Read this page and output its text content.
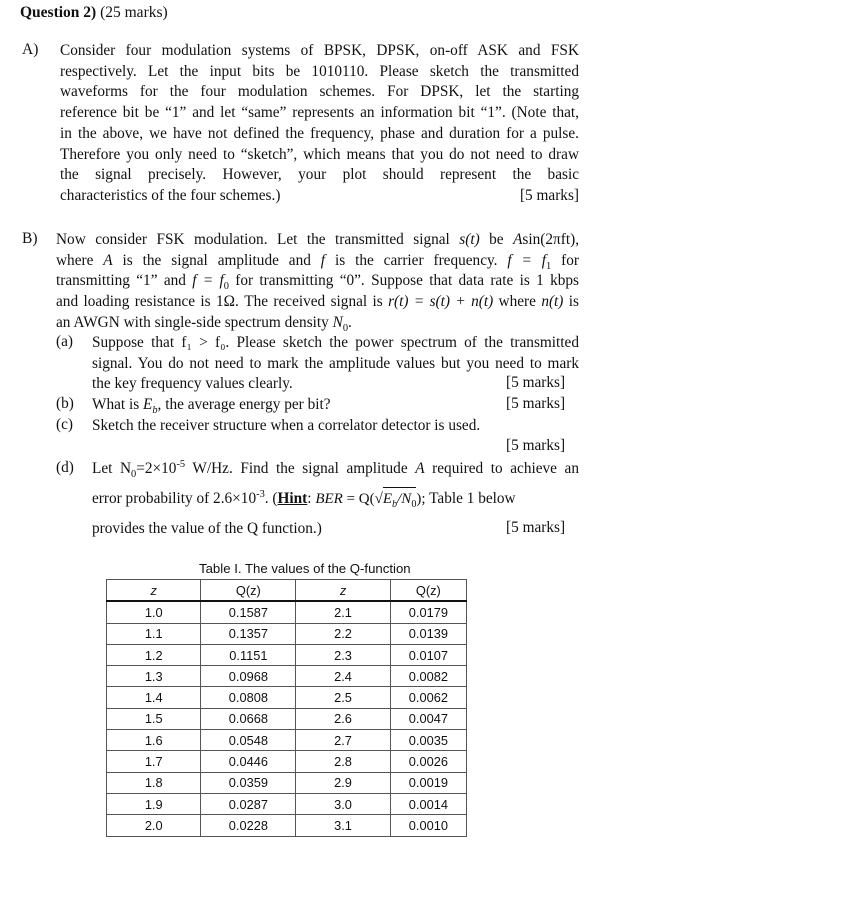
Question 2) (25 marks)
A) Consider four modulation systems of BPSK, DPSK, on-off ASK and FSK
respectively. Let the input bits be 1010110. Please sketch the transmitted
waveforms for the four modulation schemes. For DPSK, let the starting
reference bit be “1” and let “same” represents an information bit “1”. (Note that,
in the above, we have not defined the frequency, phase and duration for a pulse.
Therefore you only need to “sketch”, which means that you do not need to draw
the signal precisely. However, your plot should represent the basic
characteristics of the four schemes.)	[5 marks]
B) Now consider FSK modulation. Let the transmitted signal s(t) be Asin(2πft),
where A is the signal amplitude and f is the carrier frequency. $f = f_1$ for
transmitting “1” and $f = f_0$ for transmitting “0”. Suppose that data rate is 1 kbps
and loading resistance is 1Ω. The received signal is r(t) = s(t) + n(t) where n(t) is
an AWGN with single-side spectrum density $N_0$.
(a) Suppose that f₁ > f₀. Please sketch the power spectrum of the transmitted
signal. You do not need to mark the amplitude values but you need to mark
the key frequency values clearly.	[5 marks]
(b) What is $E_b$, the average energy per bit?	[5 marks]
(c) Sketch the receiver structure when a correlator detector is used.
[5 marks]
(d) Let $N_0=2\times 10^{-5}$ W/Hz. Find the signal amplitude A required to achieve an
error probability of $2.6\times 10^{-3}$. (Hint: BER = $Q(√E_b/N_0)$; Table 1 below
provides the value of the Q function.)	[5 marks]
Table I. The values of the Q-function
z	Q(z)	z	Q(z)
1.0	0.1587	2.1	0.0179
1.1	0.1357	2.2	0.0139
1.2	0.1151	2.3	0.0107
1.3	0.0968	2.4	0.0082
1.4	0.0808	2.5	0.0062
1.5	0.0668	2.6	0.0047
1.6	0.0548	2.7	0.0035
1.7	0.0446	2.8	0.0026
1.8	0.0359	2.9	0.0019
1.9	0.0287	3.0	0.0014
2.0	0.0228	3.1	0.0010
